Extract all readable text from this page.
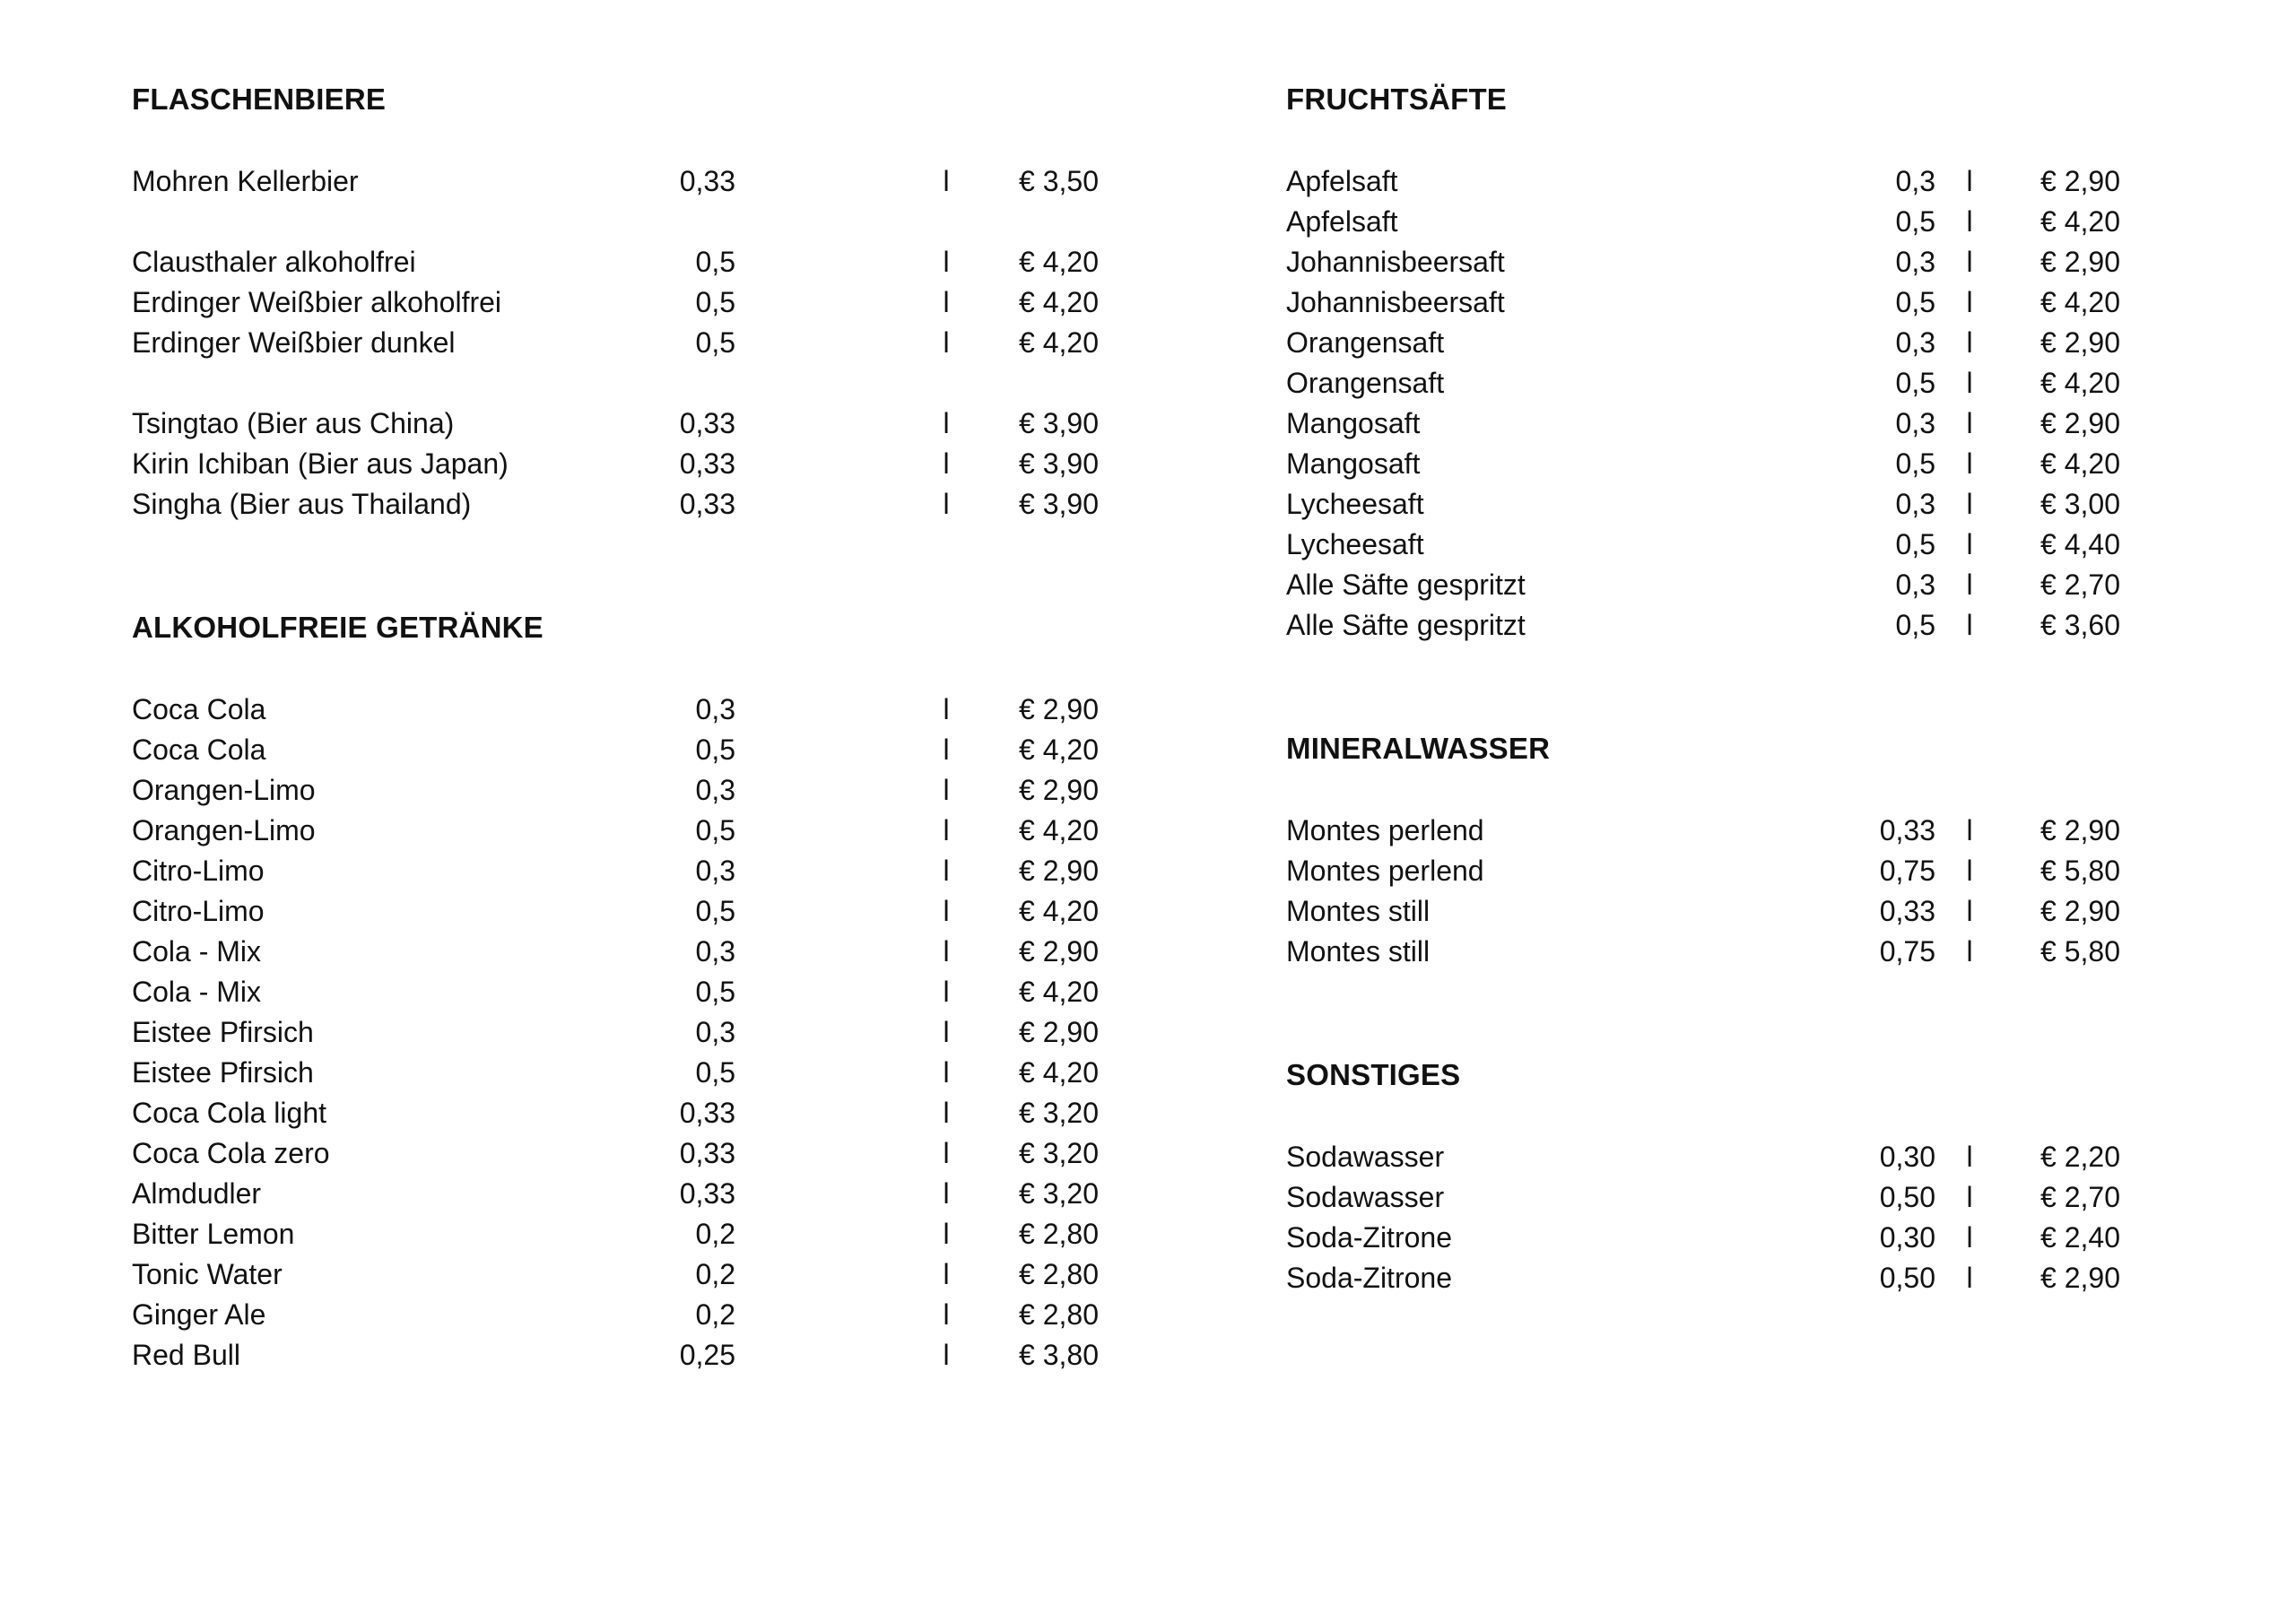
FLASCHENBIERE
Mohren Kellerbier	0,33	l	€ 3,50
Clausthaler alkoholfrei	0,5	l	€ 4,20
Erdinger Weißbier alkoholfrei	0,5	l	€ 4,20
Erdinger Weißbier dunkel	0,5	l	€ 4,20
Tsingtao (Bier aus China)	0,33	l	€ 3,90
Kirin Ichiban (Bier aus Japan)	0,33	l	€ 3,90
Singha (Bier aus Thailand)	0,33	l	€ 3,90
ALKOHOLFREIE GETRÄNKE
Coca Cola	0,3	l	€ 2,90
Coca Cola	0,5	l	€ 4,20
Orangen-Limo	0,3	l	€ 2,90
Orangen-Limo	0,5	l	€ 4,20
Citro-Limo	0,3	l	€ 2,90
Citro-Limo	0,5	l	€ 4,20
Cola - Mix	0,3	l	€ 2,90
Cola - Mix	0,5	l	€ 4,20
Eistee Pfirsich	0,3	l	€ 2,90
Eistee Pfirsich	0,5	l	€ 4,20
Coca Cola light	0,33	l	€ 3,20
Coca Cola zero	0,33	l	€ 3,20
Almdudler	0,33	l	€ 3,20
Bitter Lemon	0,2	l	€ 2,80
Tonic Water	0,2	l	€ 2,80
Ginger Ale	0,2	l	€ 2,80
Red Bull	0,25	l	€ 3,80
FRUCHTSÄFTE
Apfelsaft	0,3 l	€ 2,90
Apfelsaft	0,5 l	€ 4,20
Johannisbeersaft	0,3 l	€ 2,90
Johannisbeersaft	0,5 l	€ 4,20
Orangensaft	0,3 l	€ 2,90
Orangensaft	0,5 l	€ 4,20
Mangosaft	0,3 l	€ 2,90
Mangosaft	0,5 l	€ 4,20
Lycheesaft	0,3 l	€ 3,00
Lycheesaft	0,5 l	€ 4,40
Alle Säfte gespritzt	0,3 l	€ 2,70
Alle Säfte gespritzt	0,5 l	€ 3,60
MINERALWASSER
Montes perlend	0,33 l	€ 2,90
Montes perlend	0,75 l	€ 5,80
Montes still	0,33 l	€ 2,90
Montes still	0,75 l	€ 5,80
SONSTIGES
Sodawasser	0,30 l	€ 2,20
Sodawasser	0,50 l	€ 2,70
Soda-Zitrone	0,30 l	€ 2,40
Soda-Zitrone	0,50 l	€ 2,90
